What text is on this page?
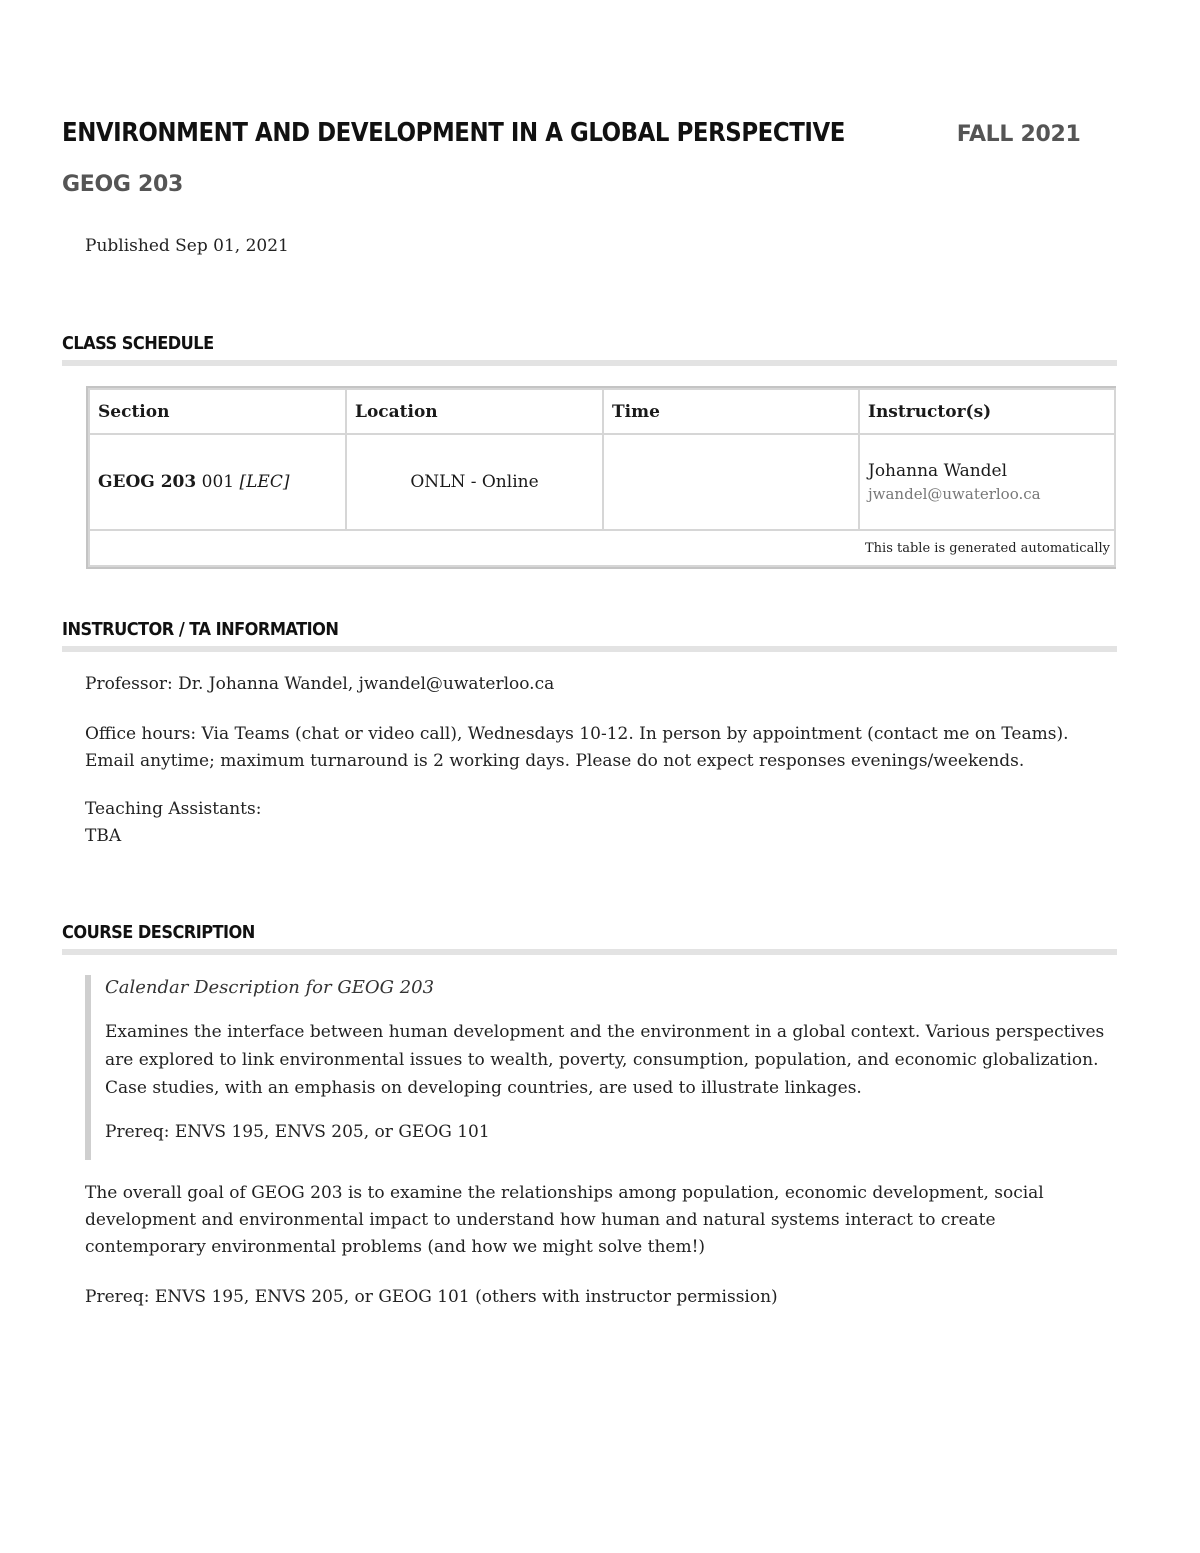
ENVIRONMENT AND DEVELOPMENT IN A GLOBAL PERSPECTIVE	FALL 2021
GEOG 203
Published Sep 01, 2021
CLASS SCHEDULE
Section	Location	Time	Instructor(s)
GEOG 203 001 [LEC]	ONLN - Online		Johanna Wandel
jwandel@uwaterloo.ca

This table is generated automatically			
INSTRUCTOR / TA INFORMATION
Professor: Dr. Johanna Wandel, jwandel@uwaterloo.ca

Office hours: Via Teams (chat or video call), Wednesdays 10-12. In person by appointment (contact me on Teams).

Email anytime; maximum turnaround is 2 working days. Please do not expect responses evenings/weekends.

Teaching Assistants:

TBA

COURSE DESCRIPTION
Calendar Description for GEOG 203
Examines the interface between human development and the environment in a global context. Various perspectives are explored to link environmental issues to wealth, poverty, consumption, population, and economic globalization. Case studies, with an emphasis on developing countries, are used to illustrate linkages.
Prereq: ENVS 195, ENVS 205, or GEOG 101
The overall goal of GEOG 203 is to examine the relationships among population, economic development, social development and environmental impact to understand how human and natural systems interact to create contemporary environmental problems (and how we might solve them!)
Prereq: ENVS 195, ENVS 205, or GEOG 101 (others with instructor permission)
